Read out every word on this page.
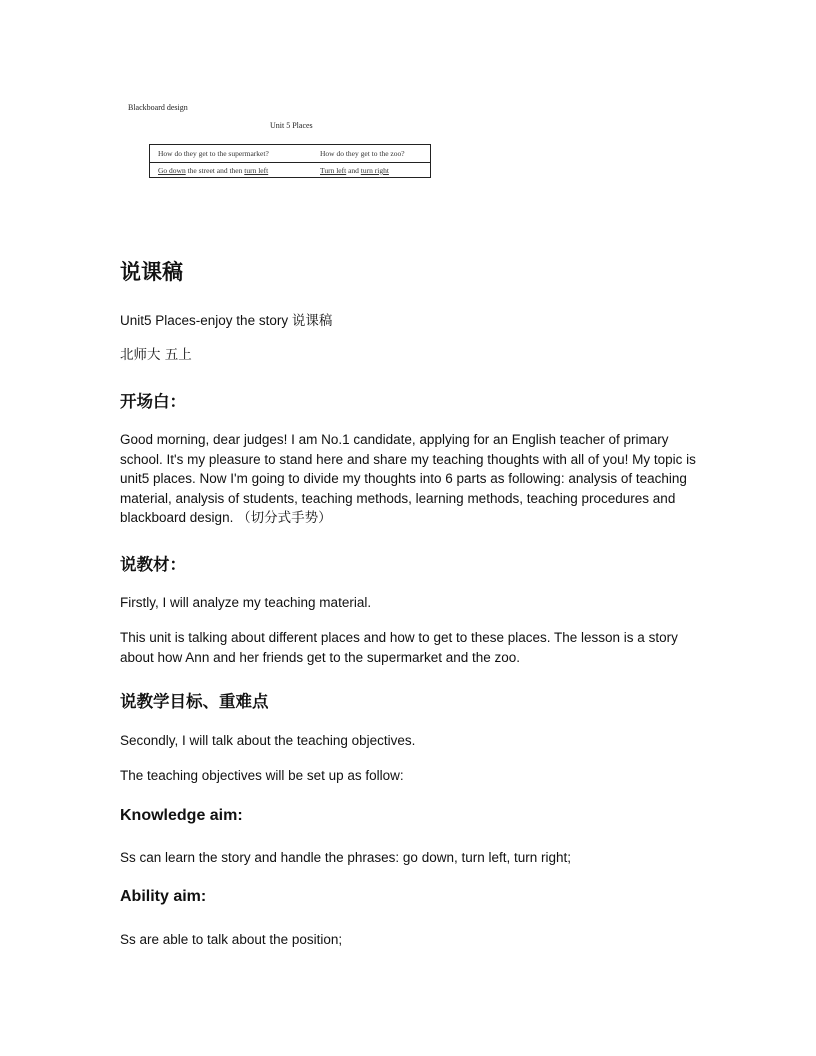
Blackboard design
Unit 5 Places
How do they get to the supermarket?	How do they get to the zoo?
Go down the street and then turn left	Turn left and turn right
说课稿

Unit5 Places-enjoy the story 说课稿

北师大 五上

开场白：

Good morning, dear judges! I am No.1 candidate, applying for an English teacher of primary school. It's my pleasure to stand here and share my teaching thoughts with all of you! My topic is unit5 places. Now I'm going to divide my thoughts into 6 parts as following: analysis of teaching material, analysis of students, teaching methods, learning methods, teaching procedures and blackboard design. （切分式手势）

说教材：

Firstly, I will analyze my teaching material.

This unit is talking about different places and how to get to these places. The lesson is a story about how Ann and her friends get to the supermarket and the zoo.

说教学目标、重难点

Secondly, I will talk about the teaching objectives.

The teaching objectives will be set up as follow:

Knowledge aim:

Ss can learn the story and handle the phrases: go down, turn left, turn right;

Ability aim:

Ss are able to talk about the position;
